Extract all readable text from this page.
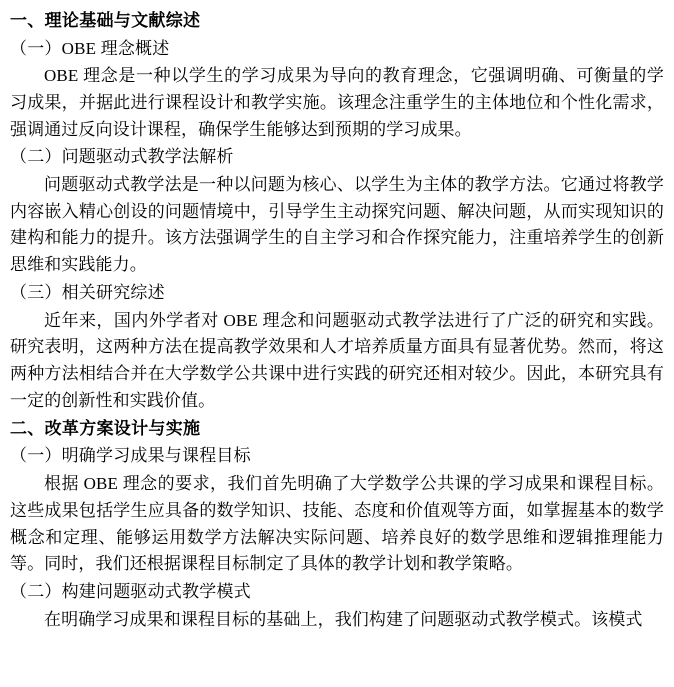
一、理论基础与文献综述
（一）OBE 理念概述

OBE 理念是一种以学生的学习成果为导向的教育理念，它强调明确、可衡量的学习成果，并据此进行课程设计和教学实施。该理念注重学生的主体地位和个性化需求，强调通过反向设计课程，确保学生能够达到预期的学习成果。

（二）问题驱动式教学法解析

问题驱动式教学法是一种以问题为核心、以学生为主体的教学方法。它通过将教学内容嵌入精心创设的问题情境中，引导学生主动探究问题、解决问题，从而实现知识的建构和能力的提升。该方法强调学生的自主学习和合作探究能力，注重培养学生的创新思维和实践能力。

（三）相关研究综述

近年来，国内外学者对 OBE 理念和问题驱动式教学法进行了广泛的研究和实践。研究表明，这两种方法在提高教学效果和人才培养质量方面具有显著优势。然而，将这两种方法相结合并在大学数学公共课中进行实践的研究还相对较少。因此，本研究具有一定的创新性和实践价值。

二、改革方案设计与实施
（一）明确学习成果与课程目标

根据 OBE 理念的要求，我们首先明确了大学数学公共课的学习成果和课程目标。这些成果包括学生应具备的数学知识、技能、态度和价值观等方面，如掌握基本的数学概念和定理、能够运用数学方法解决实际问题、培养良好的数学思维和逻辑推理能力等。同时，我们还根据课程目标制定了具体的教学计划和教学策略。

（二）构建问题驱动式教学模式

在明确学习成果和课程目标的基础上，我们构建了问题驱动式教学模式。该模式
